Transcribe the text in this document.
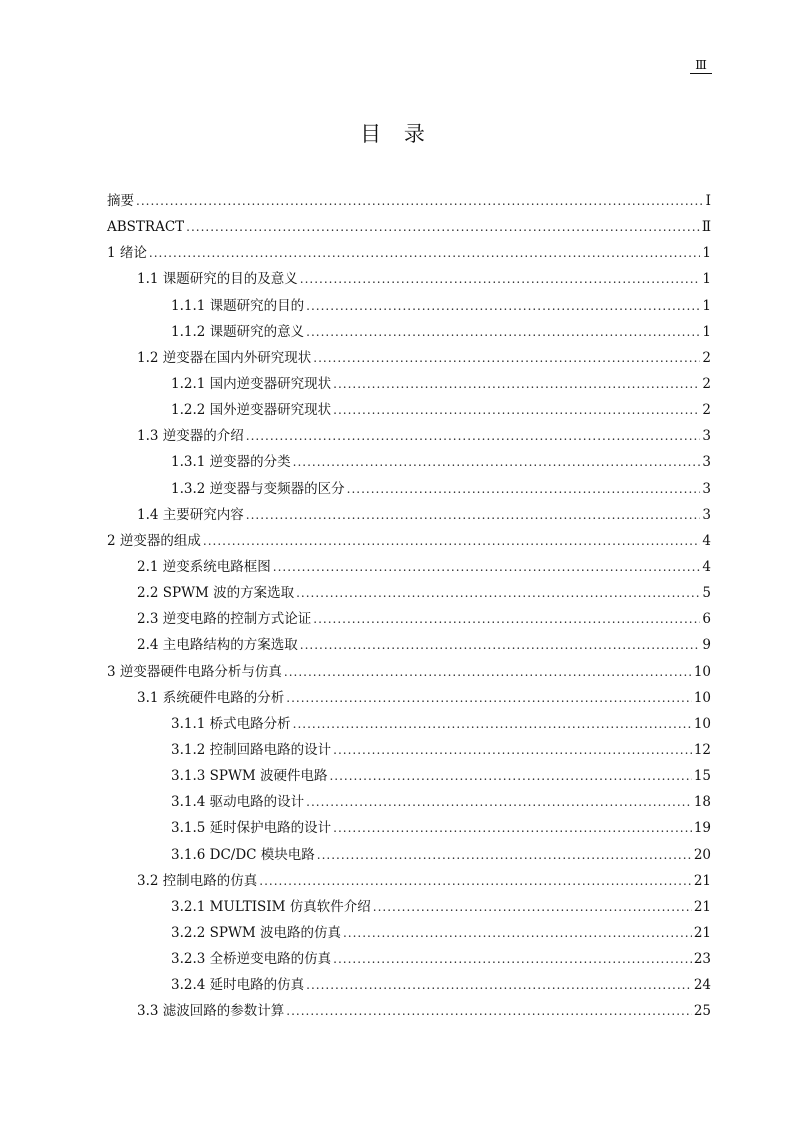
Ⅲ
目 录
摘要 .....	Ⅰ
ABSTRACT .....	Ⅱ
1 绪论 .....	1
1.1 课题研究的目的及意义 .....	1
1.1.1 课题研究的目的 .....	1
1.1.2 课题研究的意义 .....	1
1.2 逆变器在国内外研究现状 .....	2
1.2.1 国内逆变器研究现状 .....	2
1.2.2 国外逆变器研究现状 .....	2
1.3 逆变器的介绍 .....	3
1.3.1 逆变器的分类 .....	3
1.3.2 逆变器与变频器的区分 .....	3
1.4 主要研究内容 .....	3
2 逆变器的组成 .....	4
2.1 逆变系统电路框图 .....	4
2.2 SPWM 波的方案选取 .....	5
2.3 逆变电路的控制方式论证 .....	6
2.4 主电路结构的方案选取 .....	9
3 逆变器硬件电路分析与仿真 .....	10
3.1 系统硬件电路的分析 .....	10
3.1.1 桥式电路分析 .....	10
3.1.2 控制回路电路的设计 .....	12
3.1.3 SPWM 波硬件电路 .....	15
3.1.4 驱动电路的设计 .....	18
3.1.5 延时保护电路的设计 .....	19
3.1.6 DC/DC 模块电路 .....	20
3.2 控制电路的仿真 .....	21
3.2.1 MULTISIM 仿真软件介绍 .....	21
3.2.2 SPWM 波电路的仿真 .....	21
3.2.3 全桥逆变电路的仿真 .....	23
3.2.4 延时电路的仿真 .....	24
3.3 滤波回路的参数计算 .....	25
